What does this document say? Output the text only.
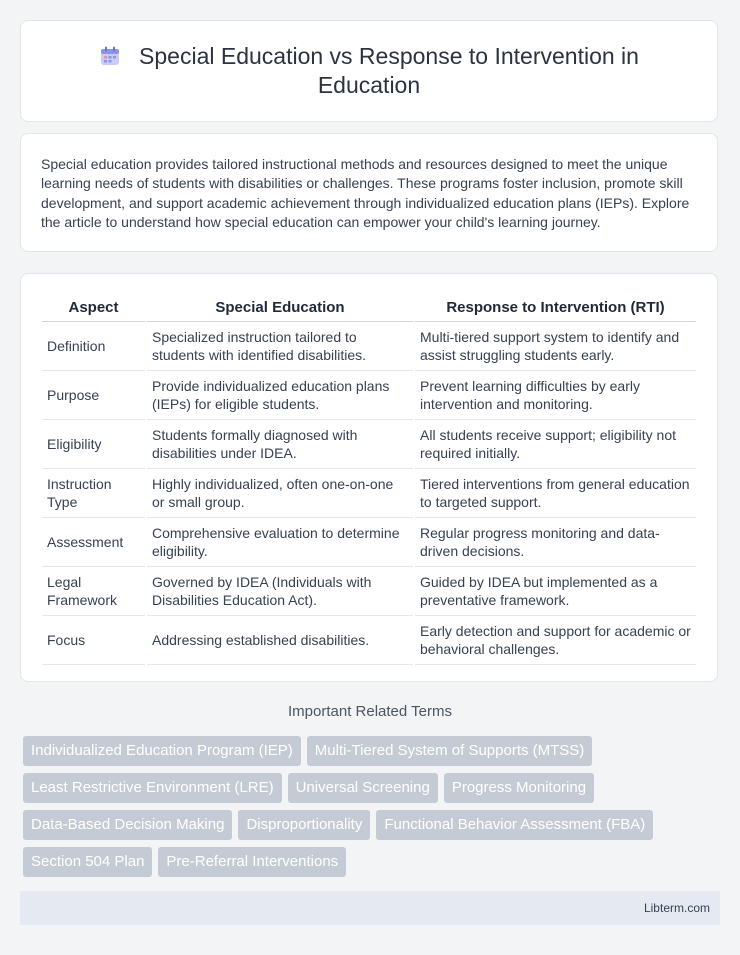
Special Education vs Response to Intervention in Education

Special education provides tailored instructional methods and resources designed to meet the unique learning needs of students with disabilities or challenges. These programs foster inclusion, promote skill development, and support academic achievement through individualized education plans (IEPs). Explore the article to understand how special education can empower your child's learning journey.

Aspect	Special Education	Response to Intervention (RTI)
Definition	Specialized instruction tailored to students with identified disabilities.	Multi-tiered support system to identify and assist struggling students early.
Purpose	Provide individualized education plans (IEPs) for eligible students.	Prevent learning difficulties by early intervention and monitoring.
Eligibility	Students formally diagnosed with disabilities under IDEA.	All students receive support; eligibility not required initially.
Instruction Type	Highly individualized, often one-on-one or small group.	Tiered interventions from general education to targeted support.
Assessment	Comprehensive evaluation to determine eligibility.	Regular progress monitoring and data-driven decisions.
Legal Framework	Governed by IDEA (Individuals with Disabilities Education Act).	Guided by IDEA but implemented as a preventative framework.
Focus	Addressing established disabilities.	Early detection and support for academic or behavioral challenges.
Important Related Terms
Individualized Education Program (IEP)	Multi-Tiered System of Supports (MTSS)
Least Restrictive Environment (LRE)	Universal Screening	Progress Monitoring
Data-Based Decision Making	Disproportionality	Functional Behavior Assessment (FBA)
Section 504 Plan	Pre-Referral Interventions
Libterm.com
